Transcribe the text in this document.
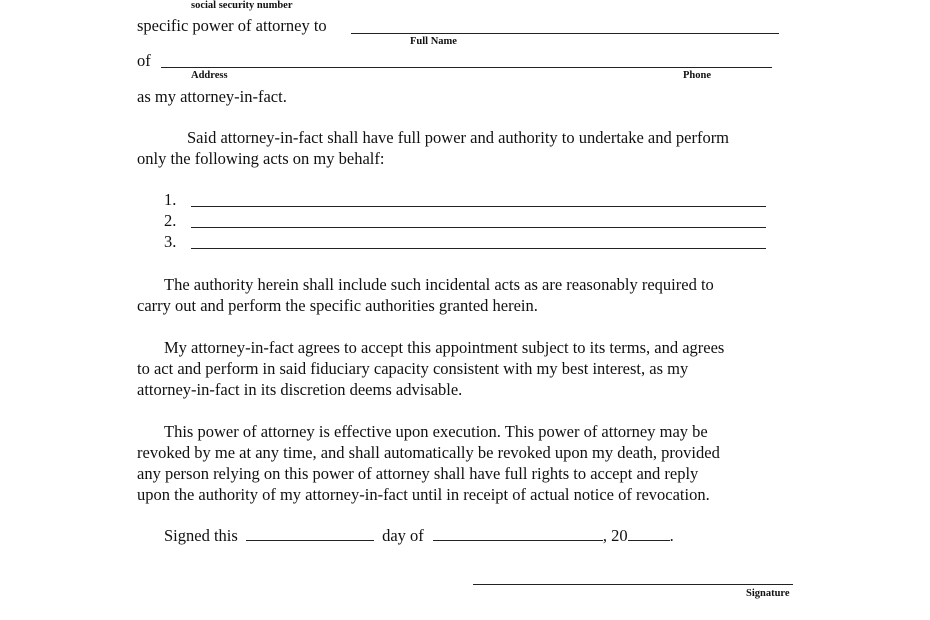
social security number
specific power of attorney to
Full Name
of
Address	Phone
as my attorney-in-fact.
Said attorney-in-fact shall have full power and authority to undertake and perform
only the following acts on my behalf:
1.
2.
3.
The authority herein shall include such incidental acts as are reasonably required to
carry out and perform the specific authorities granted herein.
My attorney-in-fact agrees to accept this appointment subject to its terms, and agrees
to act and perform in said fiduciary capacity consistent with my best interest, as my
attorney-in-fact in its discretion deems advisable.
This power of attorney is effective upon execution. This power of attorney may be
revoked by me at any time, and shall automatically be revoked upon my death, provided
any person relying on this power of attorney shall have full rights to accept and reply
upon the authority of my attorney-in-fact until in receipt of actual notice of revocation.
Signed this	day of	, 20	.
Signature
